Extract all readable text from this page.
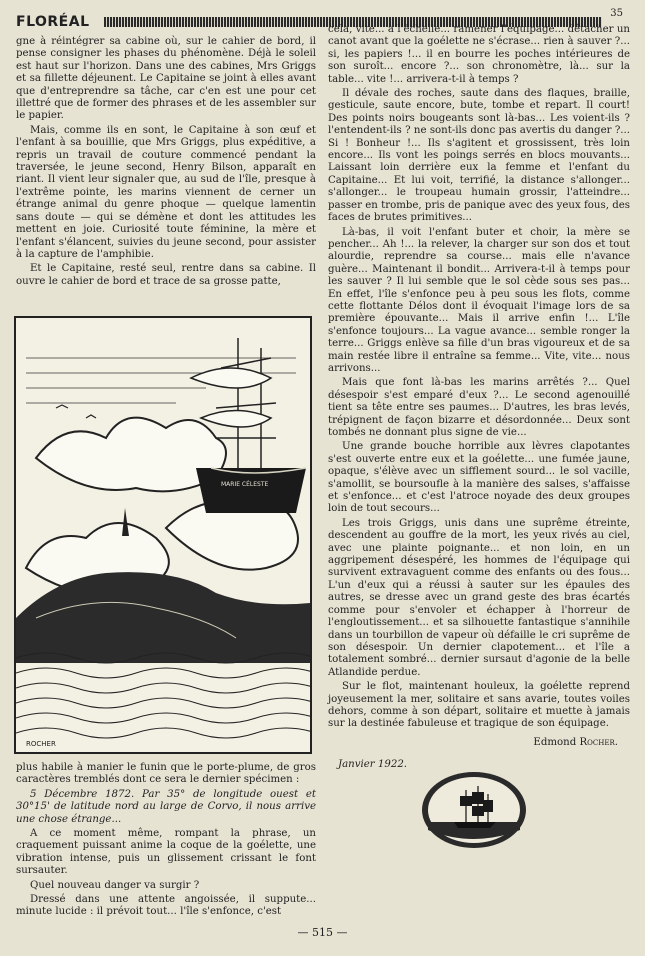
FLORÉAL
35

gne à réintégrer sa cabine où, sur le cahier de bord, il pense consigner les phases du phénomène. Déjà le soleil est haut sur l'horizon. Dans une des cabines, Mrs Griggs et sa fillette déjeunent. Le Capitaine se joint à elles avant que d'entreprendre sa tâche, car c'en est une pour cet illettré que de former des phrases et de les assembler sur le papier.

Mais, comme ils en sont, le Capitaine à son œuf et l'enfant à sa bouillie, que Mrs Griggs, plus expéditive, a repris un travail de couture commencé pendant la traversée, le jeune second, Henry Bilson, apparaît en riant. Il vient leur signaler que, au sud de l'île, presque à l'extrême pointe, les marins viennent de cerner un étrange animal du genre phoque — quelque lamentin sans doute — qui se démène et dont les attitudes les mettent en joie. Curiosité toute féminine, la mère et l'enfant s'élancent, suivies du jeune second, pour assister à la capture de l'amphibie.

Et le Capitaine, resté seul, rentre dans sa cabine. Il ouvre le cahier de bord et trace de sa grosse patte,

MARIE CÉLESTE
ROCHER

plus habile à manier le funin que le porte-plume, de gros caractères tremblés dont ce sera le dernier spécimen :

5 Décembre 1872. Par 35° de longitude ouest et 30°15' de latitude nord au large de Corvo, il nous arrive une chose étrange...

A ce moment même, rompant la phrase, un craquement puissant anime la coque de la goélette, une vibration intense, puis un glissement crissant le font sursauter.

Quel nouveau danger va surgir ?

Dressé dans une attente angoissée, il suppute... minute lucide : il prévoit tout... l'île s'enfonce, c'est

cela, vite... à l'échelle... ramener l'équipage... détacher un canot avant que la goélette ne s'écrase... rien à sauver ?... si, les papiers !... il en bourre les poches intérieures de son suroît... encore ?... son chronomètre, là... sur la table... vite !... arrivera-t-il à temps ?

Il dévale des roches, saute dans des flaques, braille, gesticule, saute encore, bute, tombe et repart. Il court! Des points noirs bougeants sont là-bas... Les voient-ils ? l'entendent-ils ? ne sont-ils donc pas avertis du danger ?... Si ! Bonheur !... Ils s'agitent et grossissent, très loin encore... Ils vont les poings serrés en blocs mouvants... Laissant loin derrière eux la femme et l'enfant du Capitaine... Et lui voit, terrifié, la distance s'allonger... s'allonger... le troupeau humain grossir, l'atteindre... passer en trombe, pris de panique avec des yeux fous, des faces de brutes primitives...

Là-bas, il voit l'enfant buter et choir, la mère se pencher... Ah !... la relever, la charger sur son dos et tout alourdie, reprendre sa course... mais elle n'avance guère... Maintenant il bondit... Arrivera-t-il à temps pour les sauver ? Il lui semble que le sol cède sous ses pas... En effet, l'île s'enfonce peu à peu sous les flots, comme cette flottante Délos dont il évoquait l'image lors de sa première épouvante... Mais il arrive enfin !... L'île s'enfonce toujours... La vague avance... semble ronger la terre... Griggs enlève sa fille d'un bras vigoureux et de sa main restée libre il entraîne sa femme... Vite, vite... nous arrivons...

Mais que font là-bas les marins arrêtés ?... Quel désespoir s'est emparé d'eux ?... Le second agenouillé tient sa tête entre ses paumes... D'autres, les bras levés, trépignent de façon bizarre et désordonnée... Deux sont tombés ne donnant plus signe de vie...

Une grande bouche horrible aux lèvres clapotantes s'est ouverte entre eux et la goélette... une fumée jaune, opaque, s'élève avec un sifflement sourd... le sol vacille, s'amollit, se boursoufle à la manière des salses, s'affaisse et s'enfonce... et c'est l'atroce noyade des deux groupes loin de tout secours...

Les trois Griggs, unis dans une suprême étreinte, descendent au gouffre de la mort, les yeux rivés au ciel, avec une plainte poignante... et non loin, en un aggripement désespéré, les hommes de l'équipage qui survivent extravaguent comme des enfants ou des fous... L'un d'eux qui a réussi à sauter sur les épaules des autres, se dresse avec un grand geste des bras écartés comme pour s'envoler et échapper à l'horreur de l'engloutissement... et sa silhouette fantastique s'annihile dans un tourbillon de vapeur où défaille le cri suprême de son désespoir. Un dernier clapotement... et l'île a totalement sombré... dernier sursaut d'agonie de la belle Atlandide perdue.

Sur le flot, maintenant houleux, la goélette reprend joyeusement la mer, solitaire et sans avarie, toutes voiles dehors, comme à son départ, solitaire et muette à jamais sur la destinée fabuleuse et tragique de son équipage.

Edmond Rocher.
Janvier 1922.
— 515 —
